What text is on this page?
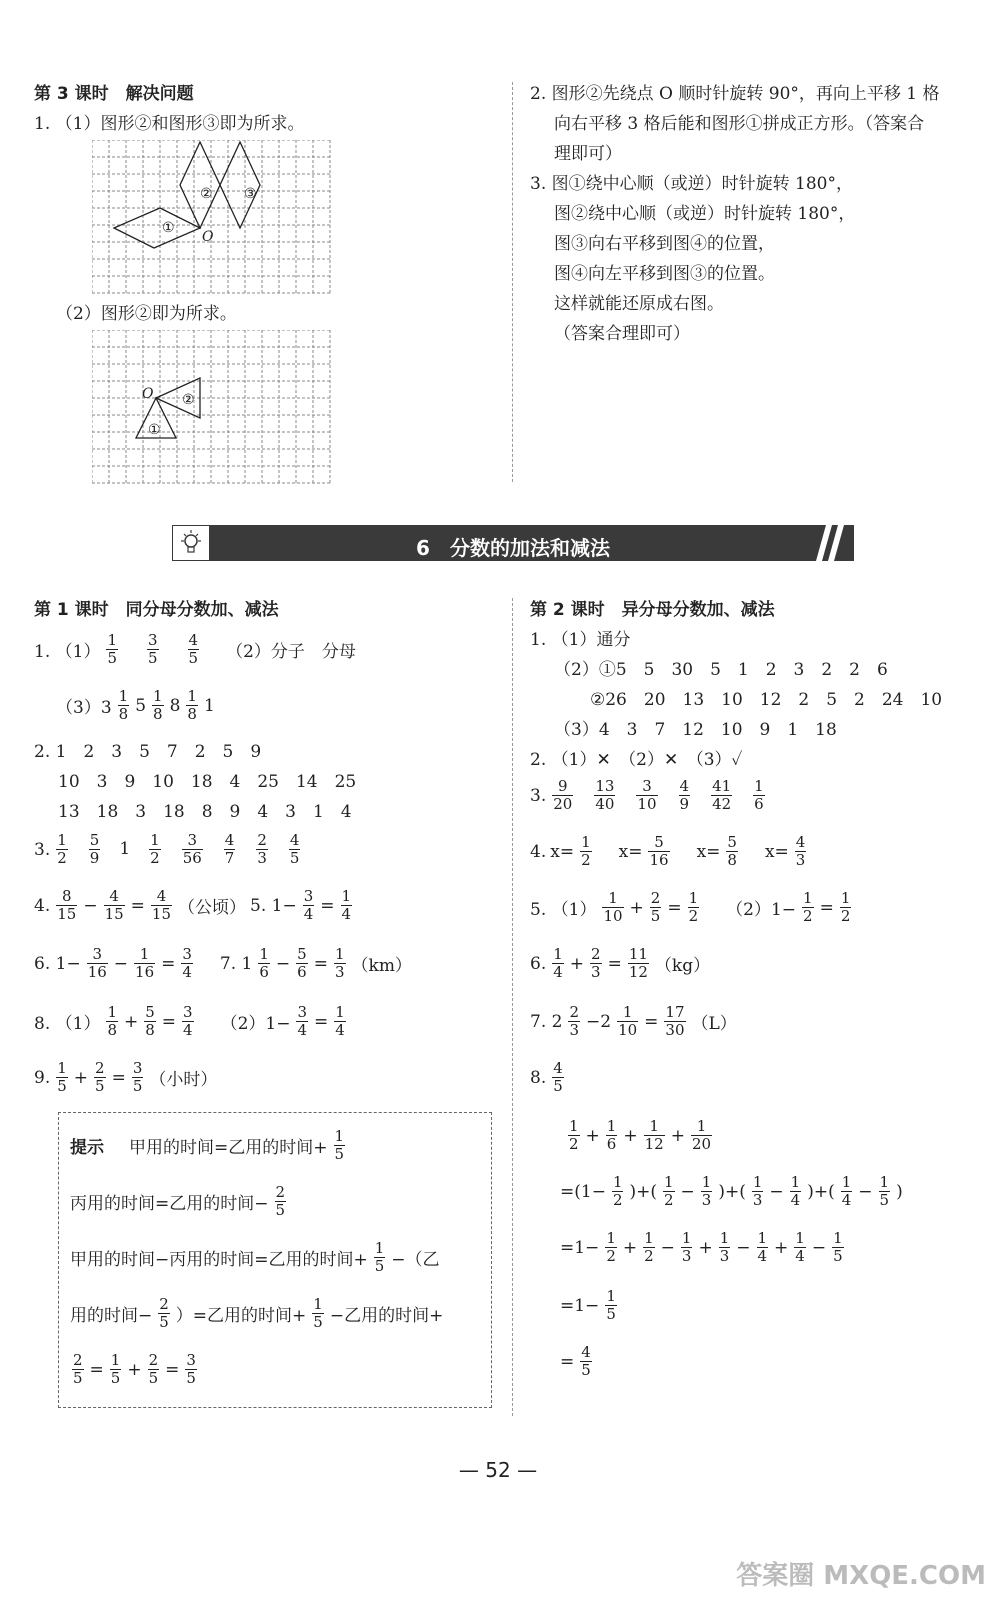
第 3 课时　 解决问题
1. （1）图形②和图形③即为所求。
①
② ③
O
（2）图形②即为所求。
①
②
O
2. 图形②先绕点 O 顺时针旋转 90°，再向上平移 1 格
向右平移 3 格后能和图形①拼成正方形。（答案合
理即可）
3. 图①绕中心顺（或逆）时针旋转 180°，
图②绕中心顺（或逆）时针旋转 180°，
图③向右平移到图④的位置，
图④向左平移到图③的位置。
这样就能还原成右图。
（答案合理即可）
6　 分数的加法和减法
第 1 课时　 同分母分数加、减法
1. $(1) \frac{1}{5}$
　 $\frac{3}{5}$
　 $\frac{4}{5}$
　 （2）分子　分母
$(3)3 \frac{1}{8} 5 \frac{1}{8} 8 \frac{1}{8} 1$
2. 1　2　3　5　7　2　5　9
10　3　9　10　18　4　25　14　25
13　18　3　18　8　9　4　3　1　4
3. $\frac{1}{2}$
　 $\frac{5}{9}$
　 1　 $\frac{1}{2}$
　 $\frac{3}{56}$
　 $\frac{4}{7}$
　 $\frac{2}{3}$
　 $\frac{4}{5}$
4. $\frac{8}{15} - \frac{4}{15} = \frac{4}{15}$ （公顷） 5. $1- \frac{3}{4} = \frac{1}{4}$
6. $1- \frac{3}{16} - \frac{1}{16} = \frac{3}{4}$
　 7. $1 \frac{1}{6} - \frac{5}{6} = \frac{1}{3} (km)$
8. $(1) \frac{1}{8} + \frac{5}{8} = \frac{3}{4}$
　 $(2)1- \frac{3}{4} = \frac{1}{4}$
9. $\frac{1}{5} + \frac{2}{5} = \frac{3}{5}$ （小时）
提示
　 甲用的时间=乙用的时间+ $\frac{1}{5}$
丙用的时间=乙用的时间− $\frac{2}{5}$
甲用的时间−丙用的时间=乙用的时间+ $\frac{1}{5}$ −（乙
用的时间− $\frac{2}{5}$ ）=乙用的时间+ $\frac{1}{5}$ −乙用的时间+
$\frac{2}{5} = \frac{1}{5} + \frac{2}{5} = \frac{3}{5}$
第 2 课时　 异分母分数加、减法
1. （1）通分
（2）①5　5　30　5　1　2　3　2　2　6
②26　20　13　10　12　2　5　2　24　10
（3）4　3　7　12　10　9　1　18
2. （1）✕　（2）✕　（3）✓
3. $\frac{9}{20}$
　 $\frac{13}{40}$
　 $\frac{3}{10}$
　 $\frac{4}{9}$
　 $\frac{41}{42}$
　 $\frac{1}{6}$
4. $x= \frac{1}{2}$
　 $x= \frac{5}{16}$
　 $x= \frac{5}{8}$
　 $x= \frac{4}{3}$
5. $(1) \frac{1}{10} + \frac{2}{5} = \frac{1}{2}$
　 $(2)1- \frac{1}{2} = \frac{1}{2}$
6. $\frac{1}{4} + \frac{2}{3} = \frac{11}{12} (kg)$
7. $2 \frac{2}{3} -2 \frac{1}{10} = \frac{17}{30} (L)$
8. $\frac{4}{5}$
$\frac{1}{2} + \frac{1}{6} + \frac{1}{12} + \frac{1}{20}$
$=(1- \frac{1}{2}$ )+( $\frac{1}{2} - \frac{1}{3}$ )+( $\frac{1}{3} - \frac{1}{4}$ )+( $\frac{1}{4} - \frac{1}{5}$ )
$=1- \frac{1}{2} + \frac{1}{2} - \frac{1}{3} + \frac{1}{3} - \frac{1}{4} + \frac{1}{4} - \frac{1}{5}$
$=1- \frac{1}{5}$
= $\frac{4}{5}$
— 52 —
答案圈 MXQE.COM
